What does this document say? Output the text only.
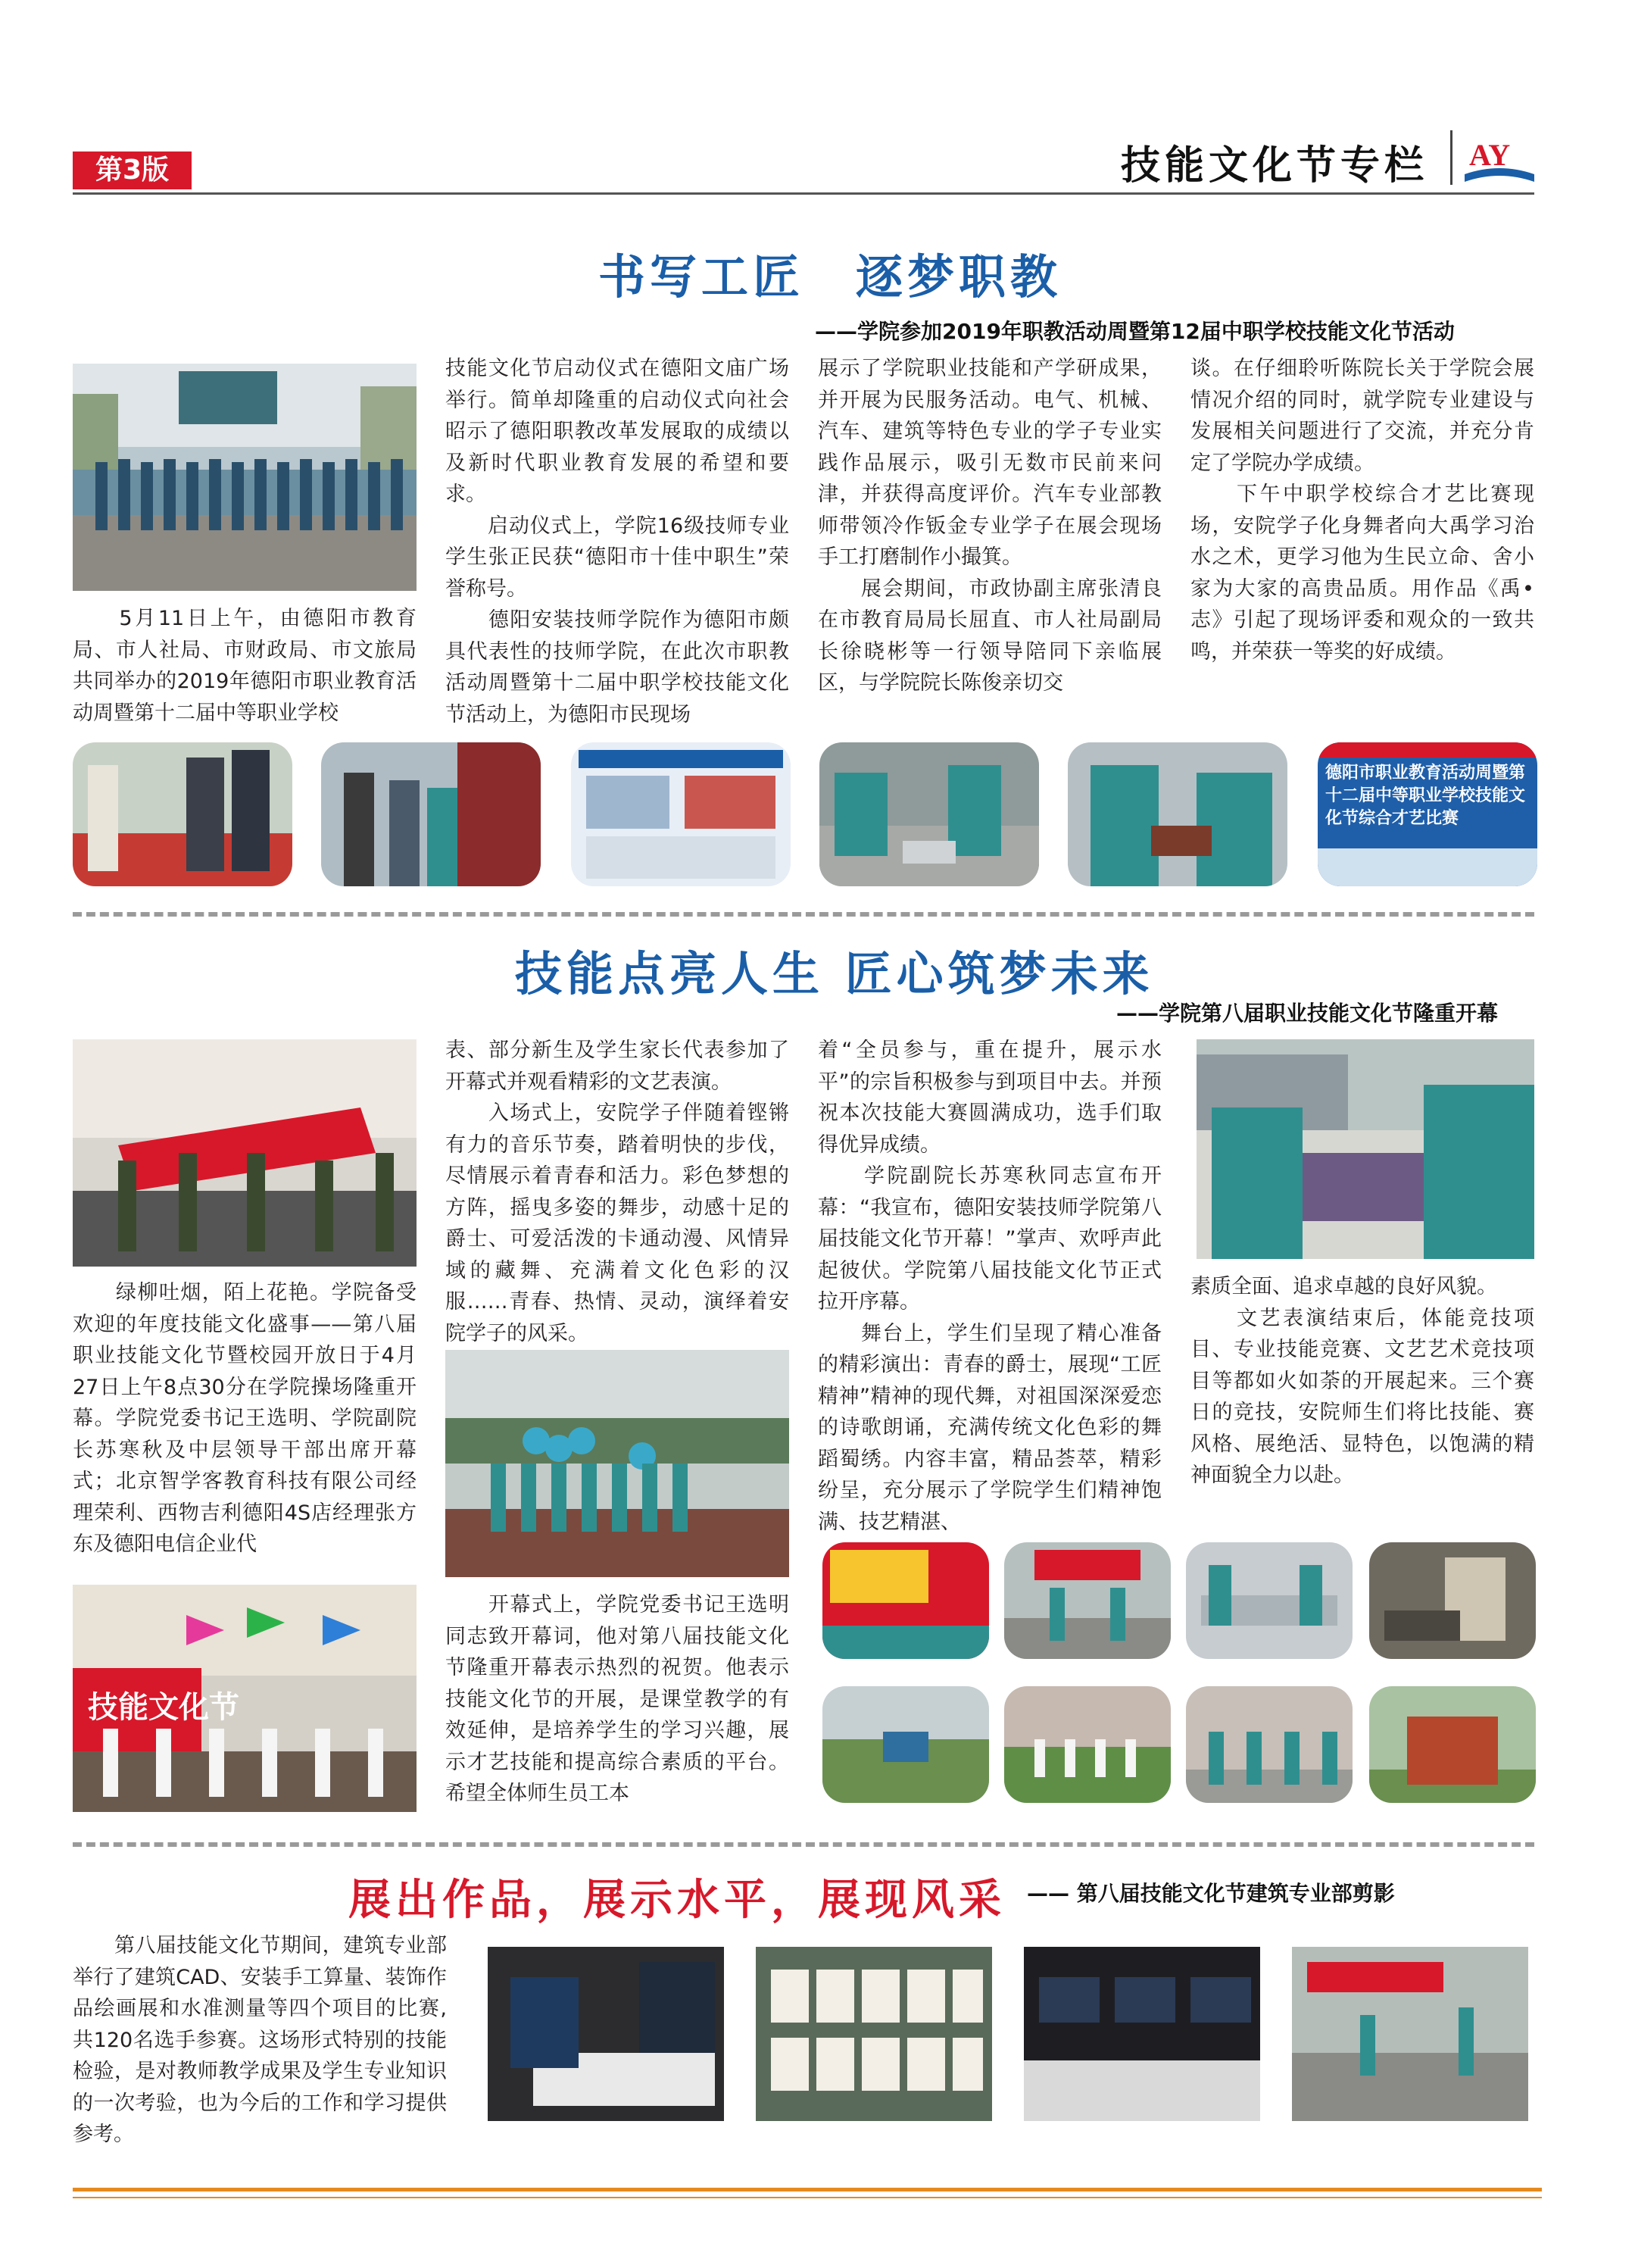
第3版	技能文化节专栏 AY
书写工匠　逐梦职教
——学院参加2019年职教活动周暨第12届中职学校技能文化节活动
　　5月11日上午，由德阳市教育局、市人社局、市财政局、市文旅局共同举办的2019年德阳市职业教育活动周暨第十二届中等职业学校
技能文化节启动仪式在德阳文庙广场举行。简单却隆重的启动仪式向社会昭示了德阳职教改革发展取的成绩以及新时代职业教育发展的希望和要求。
　　启动仪式上，学院16级技师专业学生张正民获“德阳市十佳中职生”荣誉称号。
　　德阳安装技师学院作为德阳市颇具代表性的技师学院，在此次市职教活动周暨第十二届中职学校技能文化节活动上，为德阳市民现场
展示了学院职业技能和产学研成果，并开展为民服务活动。电气、机械、汽车、建筑等特色专业的学子专业实践作品展示，吸引无数市民前来问津，并获得高度评价。汽车专业部教师带领冷作钣金专业学子在展会现场手工打磨制作小撮箕。
　　展会期间，市政协副主席张清良在市教育局局长屈直、市人社局副局长徐晓彬等一行领导陪同下亲临展区，与学院院长陈俊亲切交
谈。在仔细聆听陈院长关于学院会展情况介绍的同时，就学院专业建设与发展相关问题进行了交流，并充分肯定了学院办学成绩。
　　下午中职学校综合才艺比赛现场，安院学子化身舞者向大禹学习治水之术，更学习他为生民立命、舍小家为大家的高贵品质。用作品《禹•志》引起了现场评委和观众的一致共鸣，并荣获一等奖的好成绩。
德阳市职业教育活动周暨第十二届中等职业学校技能文化节综合才艺比赛
技能点亮人生 匠心筑梦未来
——学院第八届职业技能文化节隆重开幕
　　绿柳吐烟，陌上花艳。学院备受欢迎的年度技能文化盛事——第八届职业技能文化节暨校园开放日于4月27日上午8点30分在学院操场隆重开幕。学院党委书记王选明、学院副院长苏寒秋及中层领导干部出席开幕式；北京智学客教育科技有限公司经理荣利、西物吉利德阳4S店经理张方东及德阳电信企业代
技能文化节
表、部分新生及学生家长代表参加了开幕式并观看精彩的文艺表演。
　　入场式上，安院学子伴随着铿锵有力的音乐节奏，踏着明快的步伐，尽情展示着青春和活力。彩色梦想的方阵，摇曳多姿的舞步，动感十足的爵士、可爱活泼的卡通动漫、风情异域的藏舞、充满着文化色彩的汉服……青春、热情、灵动，演绎着安院学子的风采。
　　开幕式上，学院党委书记王选明同志致开幕词，他对第八届技能文化节隆重开幕表示热烈的祝贺。他表示技能文化节的开展，是课堂教学的有效延伸，是培养学生的学习兴趣，展示才艺技能和提高综合素质的平台。希望全体师生员工本
着“全员参与，重在提升，展示水平”的宗旨积极参与到项目中去。并预祝本次技能大赛圆满成功，选手们取得优异成绩。
　　学院副院长苏寒秋同志宣布开幕：“我宣布，德阳安装技师学院第八届技能文化节开幕！”掌声、欢呼声此起彼伏。学院第八届技能文化节正式拉开序幕。
　　舞台上，学生们呈现了精心准备的精彩演出：青春的爵士，展现“工匠精神”精神的现代舞，对祖国深深爱恋的诗歌朗诵，充满传统文化色彩的舞蹈蜀绣。内容丰富，精品荟萃，精彩纷呈，充分展示了学院学生们精神饱满、技艺精湛、
素质全面、追求卓越的良好风貌。
　　文艺表演结束后，体能竞技项目、专业技能竞赛、文艺艺术竞技项目等都如火如荼的开展起来。三个赛日的竞技，安院师生们将比技能、赛风格、展绝活、显特色，以饱满的精神面貌全力以赴。
展出作品，展示水平，展现风采 —— 第八届技能文化节建筑专业部剪影
　　第八届技能文化节期间，建筑专业部举行了建筑CAD、安装手工算量、装饰作品绘画展和水准测量等四个项目的比赛,共120名选手参赛。这场形式特别的技能检验，是对教师教学成果及学生专业知识的一次考验，也为今后的工作和学习提供参考。
